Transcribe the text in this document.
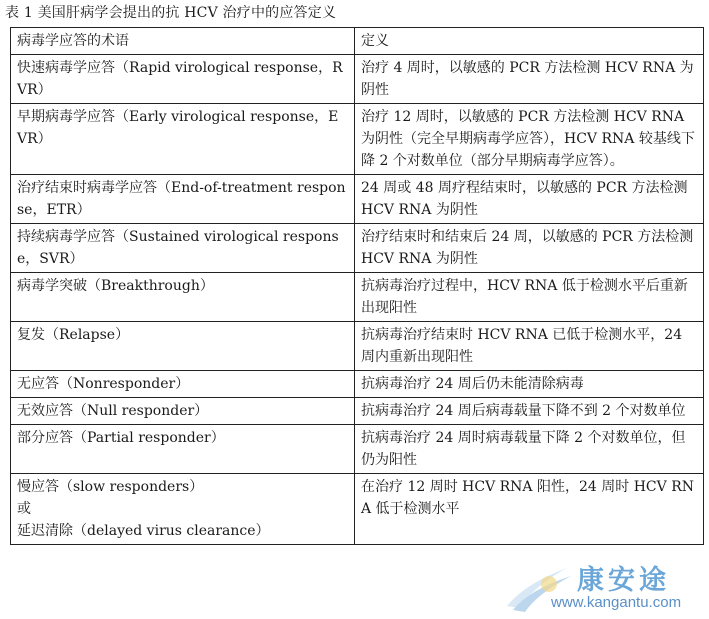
表 1 美国肝病学会提出的抗 HCV 治疗中的应答定义
病毒学应答的术语	定义

快速病毒学应答（Rapid virological response，RVR）	治疗 4 周时，以敏感的 PCR 方法检测 HCV RNA 为阴性

早期病毒学应答（Early virological response，EVR）	治疗 12 周时，以敏感的 PCR 方法检测 HCV RNA 为阴性（完全早期病毒学应答），HCV RNA 较基线下降 2 个对数单位（部分早期病毒学应答）。

治疗结束时病毒学应答（End-of-treatment response，ETR）	24 周或 48 周疗程结束时，以敏感的 PCR 方法检测 HCV RNA 为阴性

持续病毒学应答（Sustained virological response，SVR）	治疗结束时和结束后 24 周，以敏感的 PCR 方法检测 HCV RNA 为阴性

病毒学突破（Breakthrough）	抗病毒治疗过程中，HCV RNA 低于检测水平后重新出现阳性

复发（Relapse）	抗病毒治疗结束时 HCV RNA 已低于检测水平，24 周内重新出现阳性

无应答（Nonresponder）	抗病毒治疗 24 周后仍未能清除病毒

无效应答（Null responder）	抗病毒治疗 24 周后病毒载量下降不到 2 个对数单位

部分应答（Partial responder）	抗病毒治疗 24 周时病毒载量下降 2 个对数单位，但仍为阳性

慢应答（slow responders）
或
延迟清除（delayed virus clearance）	在治疗 12 周时 HCV RNA 阳性，24 周时 HCV RNA 低于检测水平
康安途
www.kangantu.com
